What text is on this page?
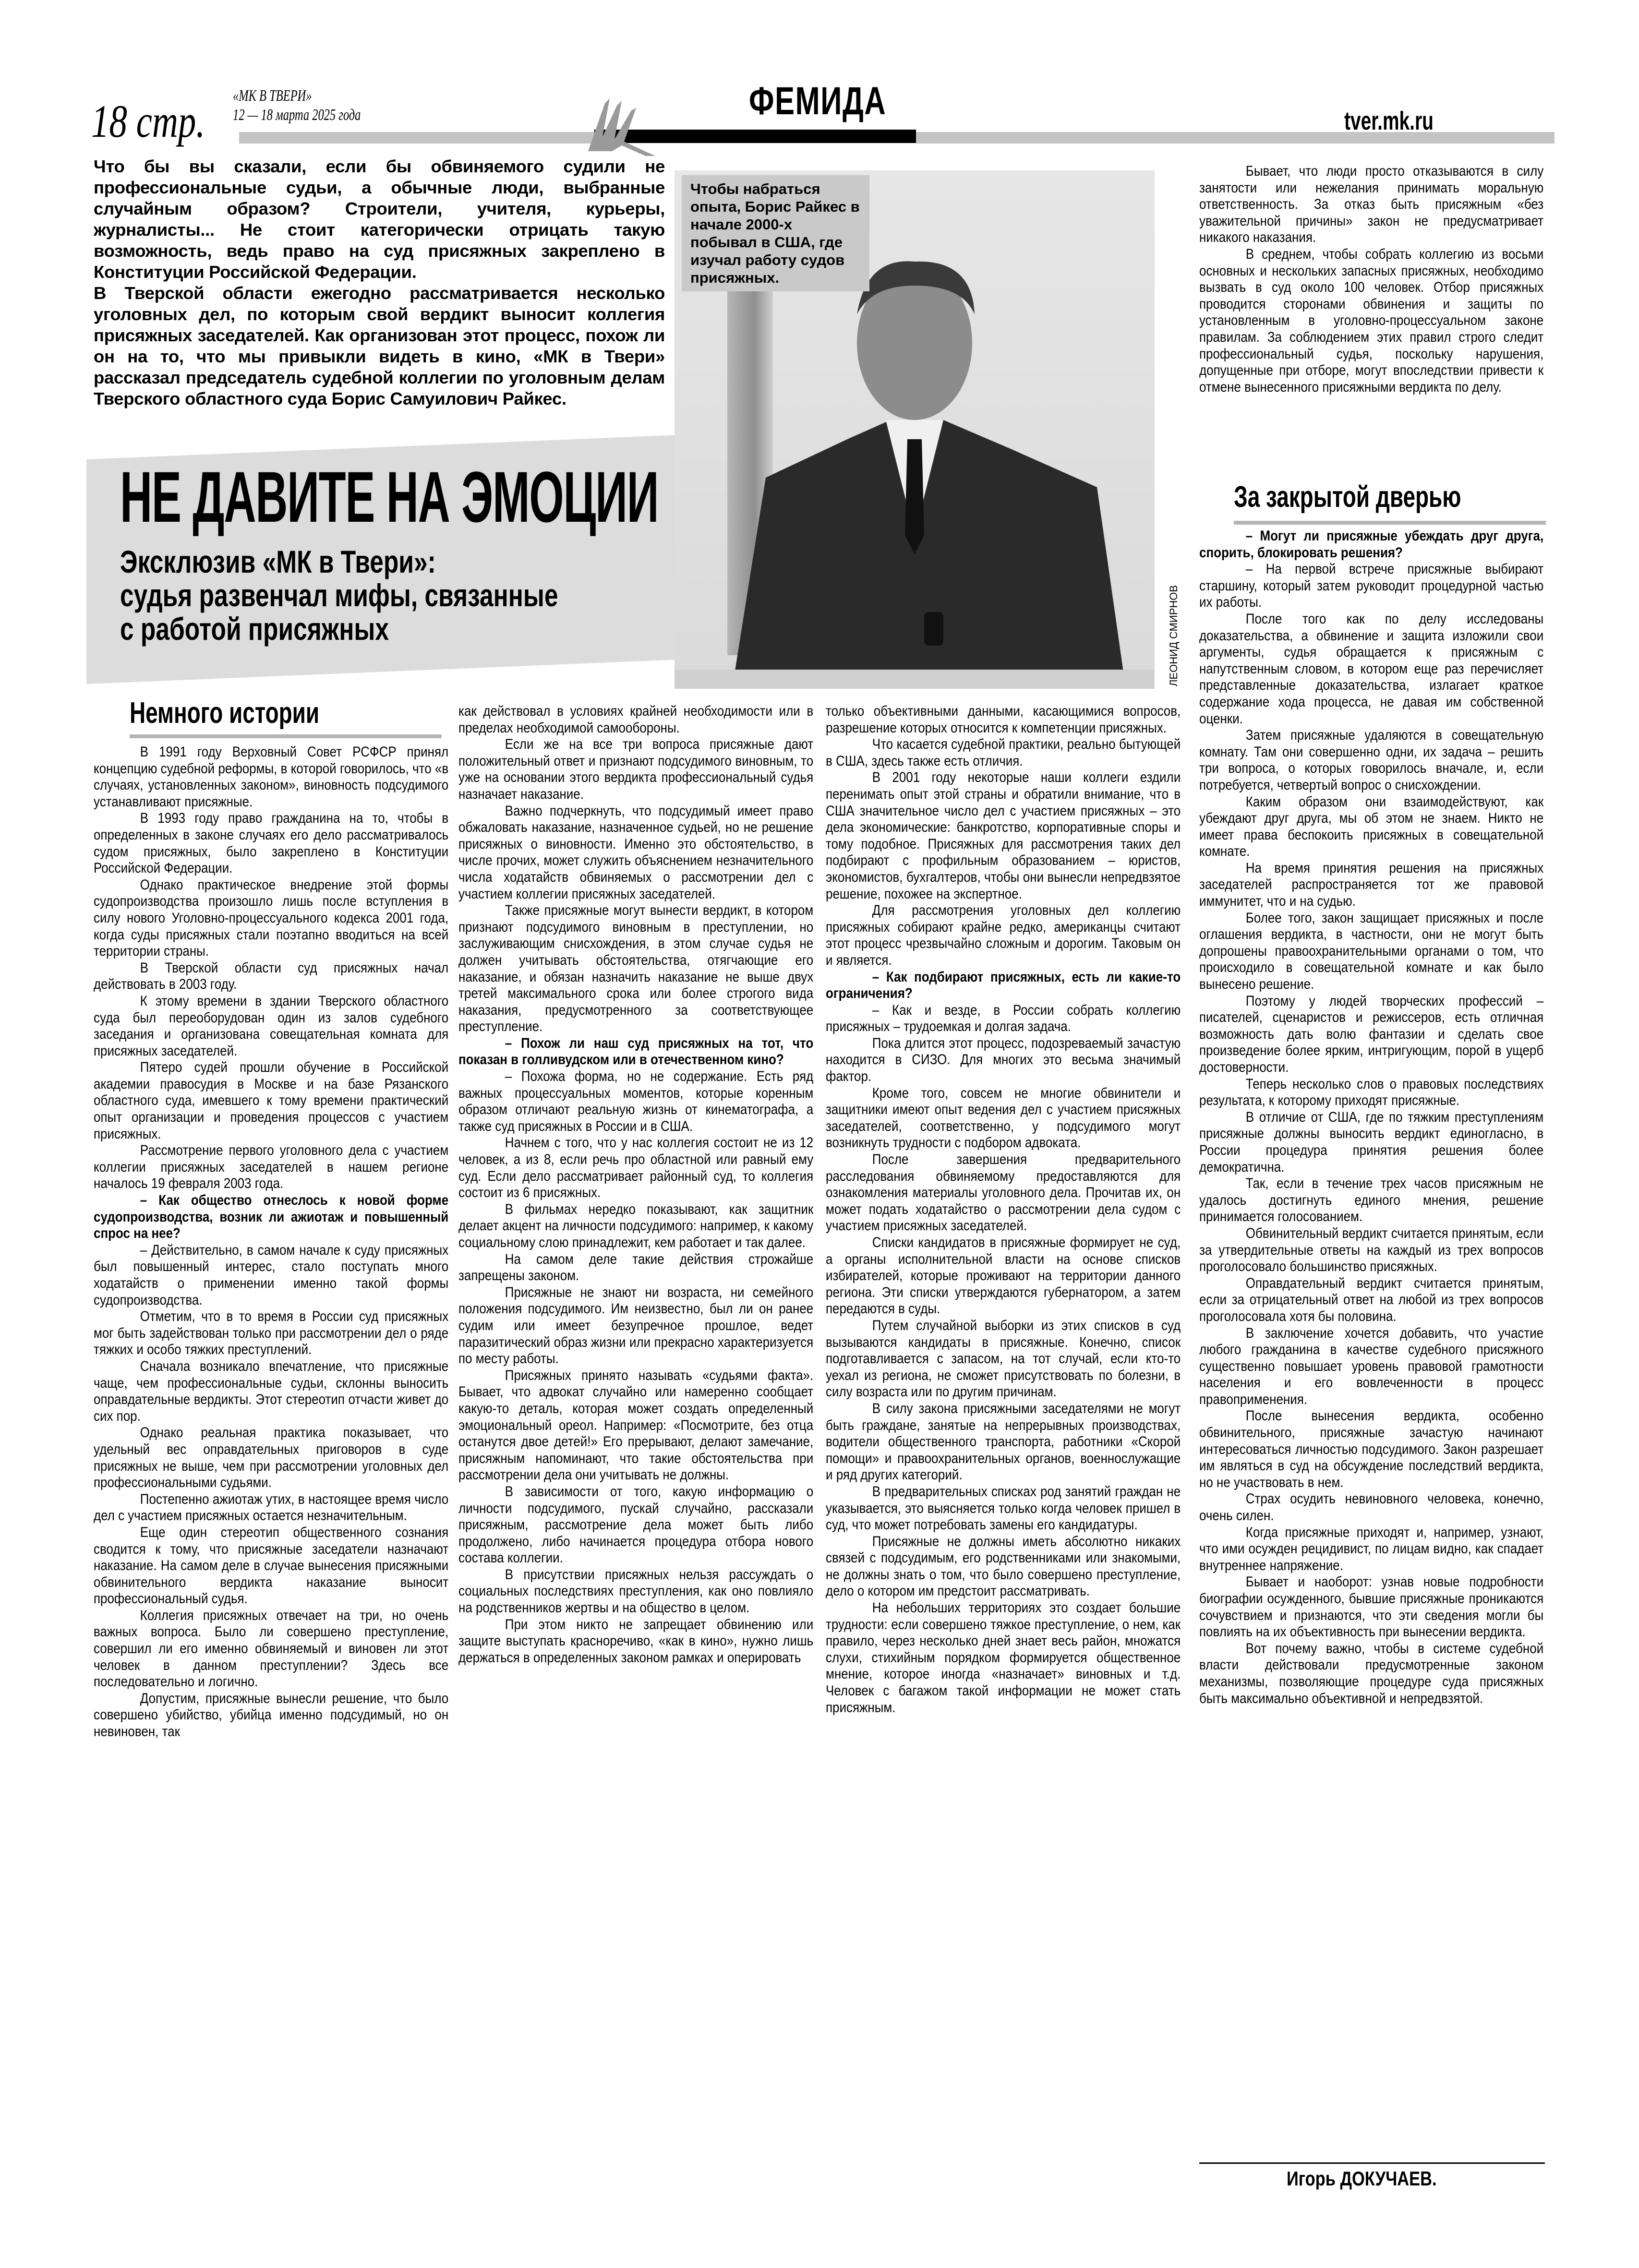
18 стр. «МК В ТВЕРИ»
12 — 18 марта 2025 года	ФЕМИДА	tver.mk.ru

Что бы вы сказали, если бы обвиняемого судили не профессиональные судьи, а обычные люди, выбранные случайным образом? Строители, учителя, курьеры, журналисты... Не стоит категорически отрицать такую возможность, ведь право на суд присяжных закреплено в Конституции Российской Федерации.

В Тверской области ежегодно рассматривается несколько уголовных дел, по которым свой вердикт выносит коллегия присяжных заседателей. Как организован этот процесс, похож ли он на то, что мы привыкли видеть в кино, «МК в Твери» рассказал председатель судебной коллегии по уголовным делам Тверского областного суда Борис Самуилович Райкес.

НЕ ДАВИТЕ НА ЭМОЦИИ
Эксклюзив «МК в Твери»:
судья развенчал мифы, связанные
с работой присяжных
Чтобы набраться опыта, Борис Райкес в начале 2000-х побывал в США, где изучал работу судов присяжных.
ЛЕОНИД СМИРНОВ
Немного истории
За закрытой дверью

В 1991 году Верховный Совет РСФСР принял концепцию судебной реформы, в которой говорилось, что «в случаях, установленных законом», виновность подсудимого устанавливают присяжные.

В 1993 году право гражданина на то, чтобы в определенных в законе случаях его дело рассматривалось судом присяжных, было закреплено в Конституции Российской Федерации.

Однако практическое внедрение этой формы судопроизводства произошло лишь после вступления в силу нового Уголовно-процессуального кодекса 2001 года, когда суды присяжных стали поэтапно вводиться на всей территории страны.

В Тверской области суд присяжных начал действовать в 2003 году.

К этому времени в здании Тверского областного суда был переоборудован один из залов судебного заседания и организована совещательная комната для присяжных заседателей.

Пятеро судей прошли обучение в Российской академии правосудия в Москве и на базе Рязанского областного суда, имевшего к тому времени практический опыт организации и проведения процессов с участием присяжных.

Рассмотрение первого уголовного дела с участием коллегии присяжных заседателей в нашем регионе началось 19 февраля 2003 года.

– Как общество отнеслось к новой форме судопроизводства, возник ли ажиотаж и повышенный спрос на нее?

– Действительно, в самом начале к суду присяжных был повышенный интерес, стало поступать много ходатайств о применении именно такой формы судопроизводства.

Отметим, что в то время в России суд присяжных мог быть задействован только при рассмотрении дел о ряде тяжких и особо тяжких преступлений.

Сначала возникало впечатление, что присяжные чаще, чем профессиональные судьи, склонны выносить оправдательные вердикты. Этот стереотип отчасти живет до сих пор.

Однако реальная практика показывает, что удельный вес оправдательных приговоров в суде присяжных не выше, чем при рассмотрении уголовных дел профессиональными судьями.

Постепенно ажиотаж утих, в настоящее время число дел с участием присяжных остается незначительным.

Еще один стереотип общественного сознания сводится к тому, что присяжные заседатели назначают наказание. На самом деле в случае вынесения присяжными обвинительного вердикта наказание выносит профессиональный судья.

Коллегия присяжных отвечает на три, но очень важных вопроса. Было ли совершено преступление, совершил ли его именно обвиняемый и виновен ли этот человек в данном преступлении? Здесь все последовательно и логично.

Допустим, присяжные вынесли решение, что было совершено убийство, убийца именно подсудимый, но он невиновен, так

как действовал в условиях крайней необходимости или в пределах необходимой самообороны.

Если же на все три вопроса присяжные дают положительный ответ и признают подсудимого виновным, то уже на основании этого вердикта профессиональный судья назначает наказание.

Важно подчеркнуть, что подсудимый имеет право обжаловать наказание, назначенное судьей, но не решение присяжных о виновности. Именно это обстоятельство, в числе прочих, может служить объяснением незначительного числа ходатайств обвиняемых о рассмотрении дел с участием коллегии присяжных заседателей.

Также присяжные могут вынести вердикт, в котором признают подсудимого виновным в преступлении, но заслуживающим снисхождения, в этом случае судья не должен учитывать обстоятельства, отягчающие его наказание, и обязан назначить наказание не выше двух третей максимального срока или более строгого вида наказания, предусмотренного за соответствующее преступление.

– Похож ли наш суд присяжных на тот, что показан в голливудском или в отечественном кино?

– Похожа форма, но не содержание. Есть ряд важных процессуальных моментов, которые коренным образом отличают реальную жизнь от кинематографа, а также суд присяжных в России и в США.

Начнем с того, что у нас коллегия состоит не из 12 человек, а из 8, если речь про областной или равный ему суд. Если дело рассматривает районный суд, то коллегия состоит из 6 присяжных.

В фильмах нередко показывают, как защитник делает акцент на личности подсудимого: например, к какому социальному слою принадлежит, кем работает и так далее.

На самом деле такие действия строжайше запрещены законом.

Присяжные не знают ни возраста, ни семейного положения подсудимого. Им неизвестно, был ли он ранее судим или имеет безупречное прошлое, ведет паразитический образ жизни или прекрасно характеризуется по месту работы.

Присяжных принято называть «судьями факта». Бывает, что адвокат случайно или намеренно сообщает какую-то деталь, которая может создать определенный эмоциональный ореол. Например: «Посмотрите, без отца останутся двое детей!» Его прерывают, делают замечание, присяжным напоминают, что такие обстоятельства при рассмотрении дела они учитывать не должны.

В зависимости от того, какую информацию о личности подсудимого, пускай случайно, рассказали присяжным, рассмотрение дела может быть либо продолжено, либо начинается процедура отбора нового состава коллегии.

В присутствии присяжных нельзя рассуждать о социальных последствиях преступления, как оно повлияло на родственников жертвы и на общество в целом.

При этом никто не запрещает обвинению или защите выступать красноречиво, «как в кино», нужно лишь держаться в определенных законом рамках и оперировать

только объективными данными, касающимися вопросов, разрешение которых относится к компетенции присяжных.

Что касается судебной практики, реально бытующей в США, здесь также есть отличия.

В 2001 году некоторые наши коллеги ездили перенимать опыт этой страны и обратили внимание, что в США значительное число дел с участием присяжных – это дела экономические: банкротство, корпоративные споры и тому подобное. Присяжных для рассмотрения таких дел подбирают с профильным образованием – юристов, экономистов, бухгалтеров, чтобы они вынесли непредвзятое решение, похожее на экспертное.

Для рассмотрения уголовных дел коллегию присяжных собирают крайне редко, американцы считают этот процесс чрезвычайно сложным и дорогим. Таковым он и является.

– Как подбирают присяжных, есть ли какие-то ограничения?

– Как и везде, в России собрать коллегию присяжных – трудоемкая и долгая задача.

Пока длится этот процесс, подозреваемый зачастую находится в СИЗО. Для многих это весьма значимый фактор.

Кроме того, совсем не многие обвинители и защитники имеют опыт ведения дел с участием присяжных заседателей, соответственно, у подсудимого могут возникнуть трудности с подбором адвоката.

После завершения предварительного расследования обвиняемому предоставляются для ознакомления материалы уголовного дела. Прочитав их, он может подать ходатайство о рассмотрении дела судом с участием присяжных заседателей.

Списки кандидатов в присяжные формирует не суд, а органы исполнительной власти на основе списков избирателей, которые проживают на территории данного региона. Эти списки утверждаются губернатором, а затем передаются в суды.

Путем случайной выборки из этих списков в суд вызываются кандидаты в присяжные. Конечно, список подготавливается с запасом, на тот случай, если кто-то уехал из региона, не сможет присутствовать по болезни, в силу возраста или по другим причинам.

В силу закона присяжными заседателями не могут быть граждане, занятые на непрерывных производствах, водители общественного транспорта, работники «Скорой помощи» и правоохранительных органов, военнослужащие и ряд других категорий.

В предварительных списках род занятий граждан не указывается, это выясняется только когда человек пришел в суд, что может потребовать замены его кандидатуры.

Присяжные не должны иметь абсолютно никаких связей с подсудимым, его родственниками или знакомыми, не должны знать о том, что было совершено преступление, дело о котором им предстоит рассматривать.

На небольших территориях это создает большие трудности: если совершено тяжкое преступление, о нем, как правило, через несколько дней знает весь район, множатся слухи, стихийным порядком формируется общественное мнение, которое иногда «назначает» виновных и т.д. Человек с багажом такой информации не может стать присяжным.

Бывает, что люди просто отказываются в силу занятости или нежелания принимать моральную ответственность. За отказ быть присяжным «без уважительной причины» закон не предусматривает никакого наказания.

В среднем, чтобы собрать коллегию из восьми основных и нескольких запасных присяжных, необходимо вызвать в суд около 100 человек. Отбор присяжных проводится сторонами обвинения и защиты по установленным в уголовно-процессуальном законе правилам. За соблюдением этих правил строго следит профессиональный судья, поскольку нарушения, допущенные при отборе, могут впоследствии привести к отмене вынесенного присяжными вердикта по делу.

– Могут ли присяжные убеждать друг друга, спорить, блокировать решения?

– На первой встрече присяжные выбирают старшину, который затем руководит процедурной частью их работы.

После того как по делу исследованы доказательства, а обвинение и защита изложили свои аргументы, судья обращается к присяжным с напутственным словом, в котором еще раз перечисляет представленные доказательства, излагает краткое содержание хода процесса, не давая им собственной оценки.

Затем присяжные удаляются в совещательную комнату. Там они совершенно одни, их задача – решить три вопроса, о которых говорилось вначале, и, если потребуется, четвертый вопрос о снисхождении.

Каким образом они взаимодействуют, как убеждают друг друга, мы об этом не знаем. Никто не имеет права беспокоить присяжных в совещательной комнате.

На время принятия решения на присяжных заседателей распространяется тот же правовой иммунитет, что и на судью.

Более того, закон защищает присяжных и после оглашения вердикта, в частности, они не могут быть допрошены правоохранительными органами о том, что происходило в совещательной комнате и как было вынесено решение.

Поэтому у людей творческих профессий – писателей, сценаристов и режиссеров, есть отличная возможность дать волю фантазии и сделать свое произведение более ярким, интригующим, порой в ущерб достоверности.

Теперь несколько слов о правовых последствиях результата, к которому приходят присяжные.

В отличие от США, где по тяжким преступлениям присяжные должны выносить вердикт единогласно, в России процедура принятия решения более демократична.

Так, если в течение трех часов присяжным не удалось достигнуть единого мнения, решение принимается голосованием.

Обвинительный вердикт считается принятым, если за утвердительные ответы на каждый из трех вопросов проголосовало большинство присяжных.

Оправдательный вердикт считается принятым, если за отрицательный ответ на любой из трех вопросов проголосовала хотя бы половина.

В заключение хочется добавить, что участие любого гражданина в качестве судебного присяжного существенно повышает уровень правовой грамотности населения и его вовлеченности в процесс правоприменения.

После вынесения вердикта, особенно обвинительного, присяжные зачастую начинают интересоваться личностью подсудимого. Закон разрешает им являться в суд на обсуждение последствий вердикта, но не участвовать в нем.

Страх осудить невиновного человека, конечно, очень силен.

Когда присяжные приходят и, например, узнают, что ими осужден рецидивист, по лицам видно, как спадает внутреннее напряжение.

Бывает и наоборот: узнав новые подробности биографии осужденного, бывшие присяжные проникаются сочувствием и признаются, что эти сведения могли бы повлиять на их объективность при вынесении вердикта.

Вот почему важно, чтобы в системе судебной власти действовали предусмотренные законом механизмы, позволяющие процедуре суда присяжных быть максимально объективной и непредвзятой.

Игорь ДОКУЧАЕВ.
